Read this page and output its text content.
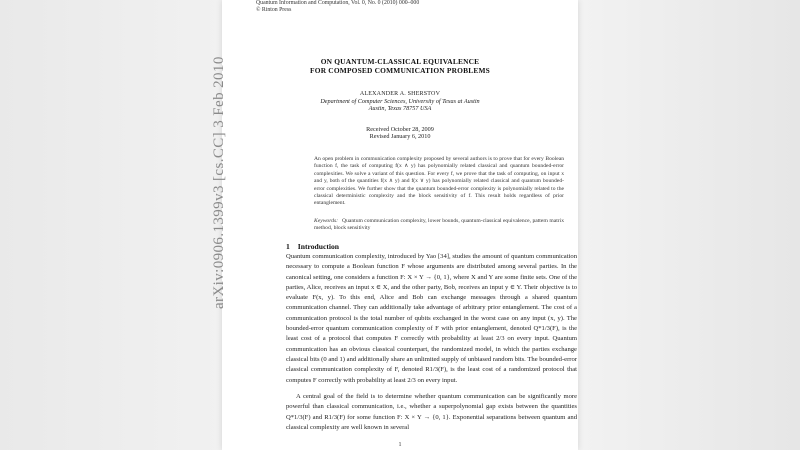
arXiv:0906.1399v3 [cs.CC] 3 Feb 2010
Quantum Information and Computation, Vol. 0, No. 0 (2010) 000–000
© Rinton Press
ON QUANTUM-CLASSICAL EQUIVALENCE
FOR COMPOSED COMMUNICATION PROBLEMS
ALEXANDER A. SHERSTOV
Department of Computer Sciences, University of Texas at Austin
Austin, Texas 78757 USA
Received October 28, 2009
Revised January 6, 2010
An open problem in communication complexity proposed by several authors is to prove that for every Boolean function f, the task of computing f(x ∧ y) has polynomially related classical and quantum bounded-error complexities. We solve a variant of this question. For every f, we prove that the task of computing, on input x and y, both of the quantities f(x ∧ y) and f(x ∨ y) has polynomially related classical and quantum bounded-error complexities. We further show that the quantum bounded-error complexity is polynomially related to the classical deterministic complexity and the block sensitivity of f. This result holds regardless of prior entanglement.
Keywords: Quantum communication complexity, lower bounds, quantum-classical equivalence, pattern matrix method, block sensitivity
1 Introduction
Quantum communication complexity, introduced by Yao [34], studies the amount of quantum communication necessary to compute a Boolean function F whose arguments are distributed among several parties. In the canonical setting, one considers a function F: X × Y → {0, 1}, where X and Y are some finite sets. One of the parties, Alice, receives an input x ∈ X, and the other party, Bob, receives an input y ∈ Y. Their objective is to evaluate F(x, y). To this end, Alice and Bob can exchange messages through a shared quantum communication channel. They can additionally take advantage of arbitrary prior entanglement. The cost of a communication protocol is the total number of qubits exchanged in the worst case on any input (x, y). The bounded-error quantum communication complexity of F with prior entanglement, denoted Q*1/3(F), is the least cost of a protocol that computes F correctly with probability at least 2/3 on every input. Quantum communication has an obvious classical counterpart, the randomized model, in which the parties exchange classical bits (0 and 1) and additionally share an unlimited supply of unbiased random bits. The bounded-error classical communication complexity of F, denoted R1/3(F), is the least cost of a randomized protocol that computes F correctly with probability at least 2/3 on every input.
A central goal of the field is to determine whether quantum communication can be significantly more powerful than classical communication, i.e., whether a superpolynomial gap exists between the quantities Q*1/3(F) and R1/3(F) for some function F: X × Y → {0, 1}. Exponential separations between quantum and classical complexity are well known in several
1
